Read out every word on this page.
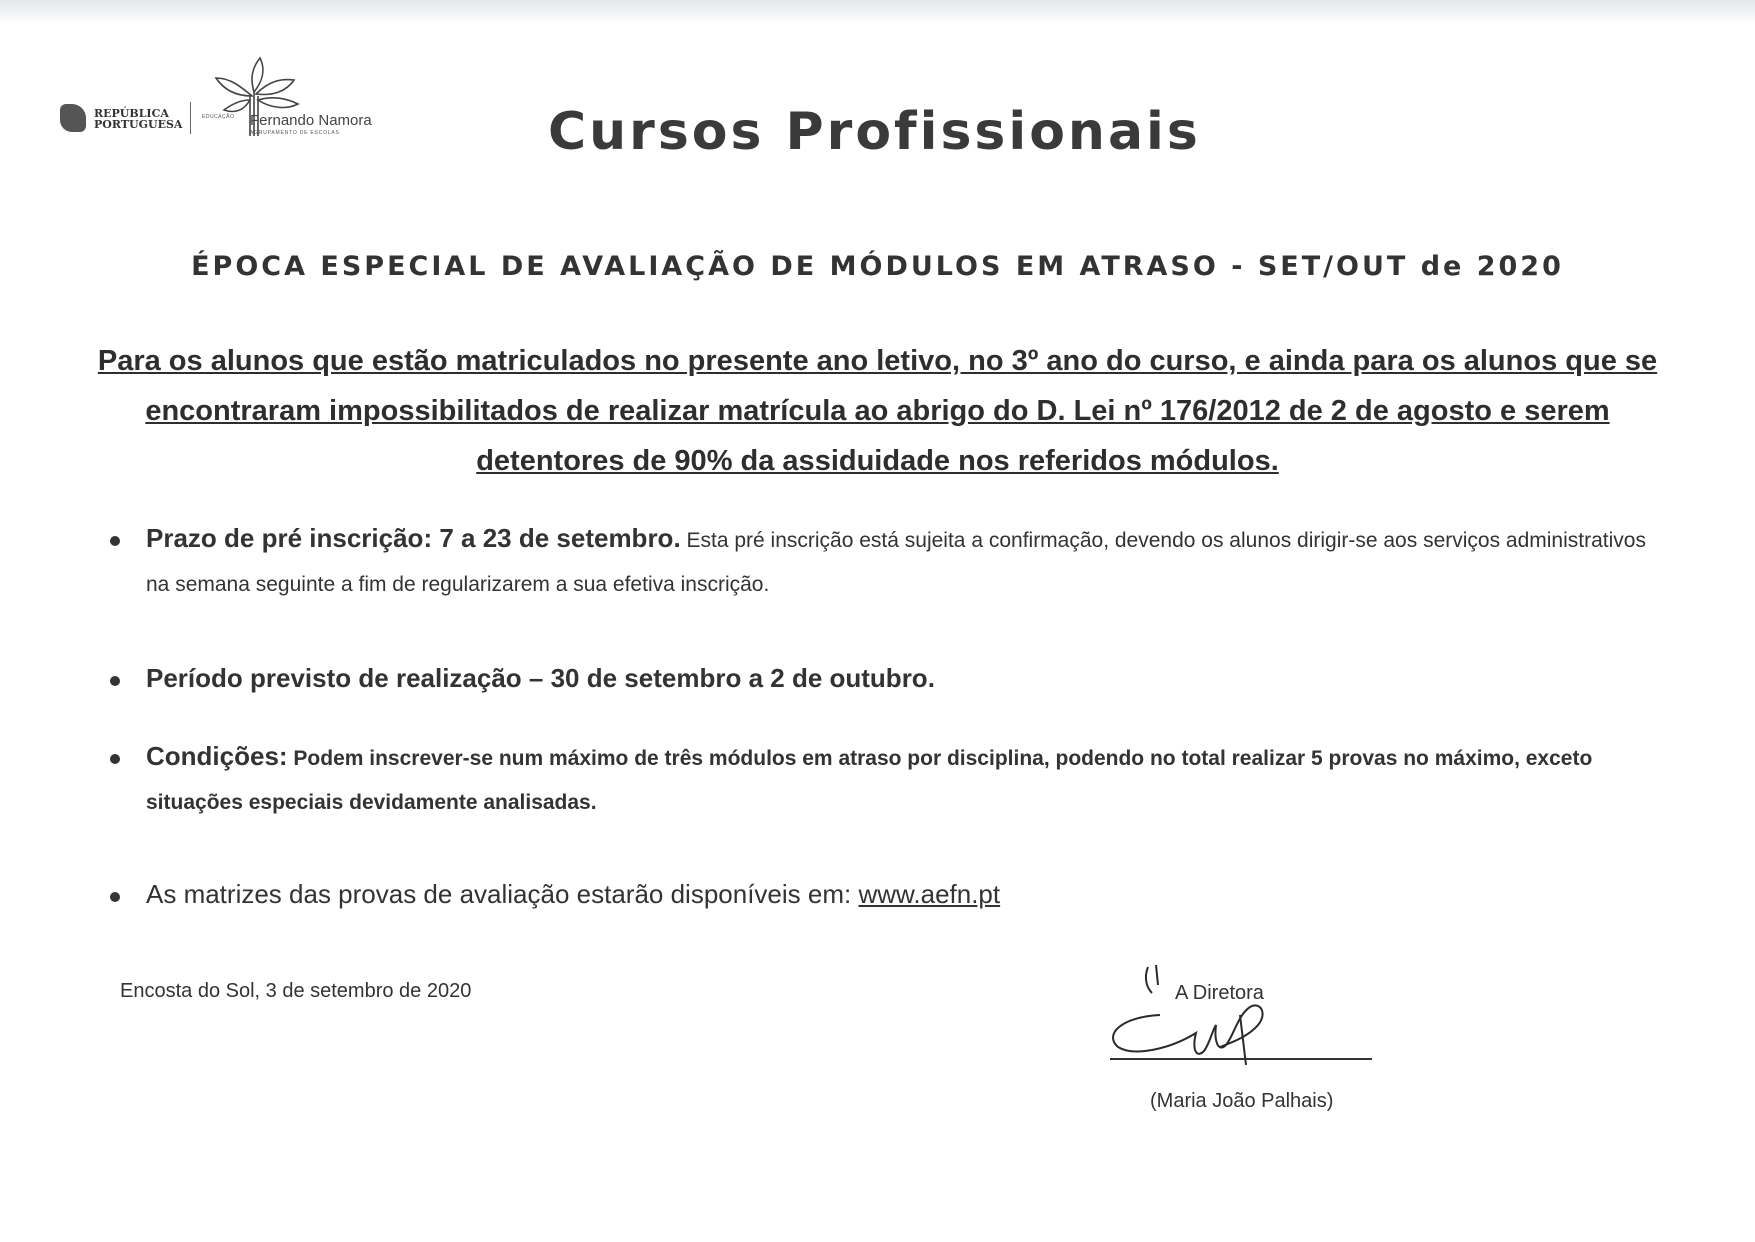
REPÚBLICA
PORTUGUESA
EDUCAÇÃO Fernando Namora
AGRUPAMENTO DE ESCOLAS	Cursos Profissionais
ÉPOCA ESPECIAL DE AVALIAÇÃO DE MÓDULOS EM ATRASO - SET/OUT de 2020
Para os alunos que estão matriculados no presente ano letivo, no 3º ano do curso, e ainda para os alunos que se encontraram impossibilitados de realizar matrícula ao abrigo do D. Lei nº 176/2012 de 2 de agosto e serem detentores de 90% da assiduidade nos referidos módulos.
Prazo de pré inscrição: 7 a 23 de setembro. Esta pré inscrição está sujeita a confirmação, devendo os alunos dirigir-se aos serviços administrativos na semana seguinte a fim de regularizarem a sua efetiva inscrição.
Período previsto de realização – 30 de setembro a 2 de outubro.
Condições: Podem inscrever-se num máximo de três módulos em atraso por disciplina, podendo no total realizar 5 provas no máximo, exceto situações especiais devidamente analisadas.
As matrizes das provas de avaliação estarão disponíveis em: www.aefn.pt
Encosta do Sol, 3 de setembro de 2020	A Diretora
(Maria João Palhais)
